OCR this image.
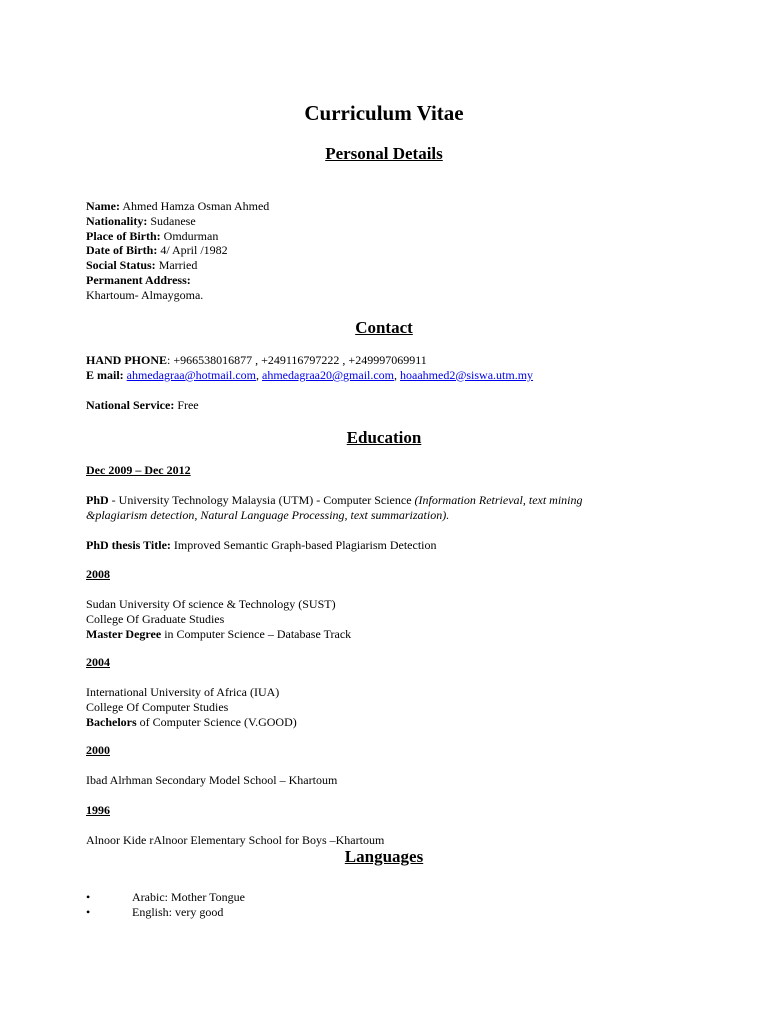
Curriculum Vitae
Personal Details
Name: Ahmed Hamza Osman Ahmed
Nationality: Sudanese
Place of Birth: Omdurman
Date of Birth: 4/ April /1982
Social Status: Married
Permanent Address:
Khartoum- Almaygoma.
Contact
HAND PHONE: +966538016877 , +249116797222 , +249997069911
E mail: ahmedagraa@hotmail.com, ahmedagraa20@gmail.com, hoaahmed2@siswa.utm.my
National Service: Free
Education
Dec 2009 – Dec 2012
PhD - University Technology Malaysia (UTM) - Computer Science (Information Retrieval, text mining
&plagiarism detection, Natural Language Processing, text summarization).
PhD thesis Title: Improved Semantic Graph-based Plagiarism Detection
2008
Sudan University Of science & Technology (SUST)
College Of Graduate Studies
Master Degree in Computer Science – Database Track
2004
International University of Africa (IUA)
College Of Computer Studies
Bachelors of Computer Science (V.GOOD)
2000
Ibad Alrhman Secondary Model School – Khartoum
1996
Alnoor Kide rAlnoor Elementary School for Boys –Khartoum
Languages
•	Arabic: Mother Tongue
•	English: very good
